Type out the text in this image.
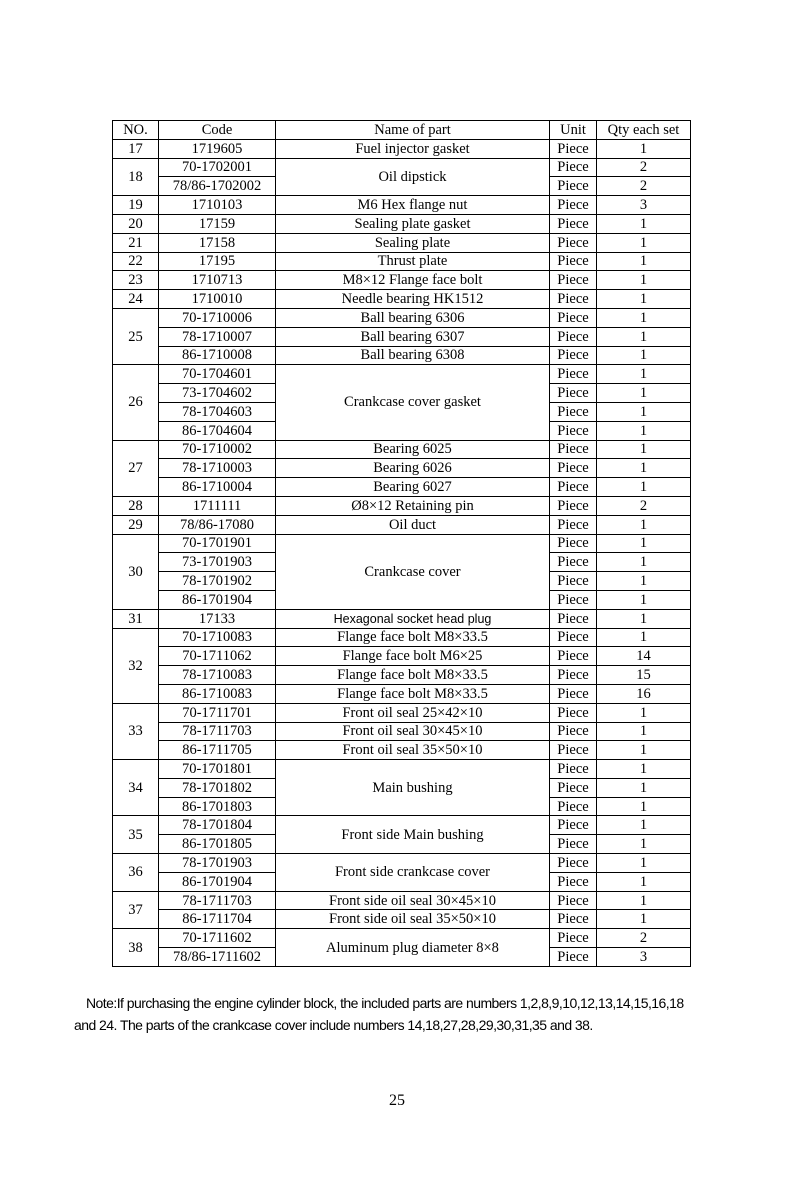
NO.	Code	Name of part	Unit	Qty each set
17	1719605	Fuel injector gasket	Piece	1
18	70-1702001	Oil dipstick	Piece	2
	78/86-1702002		Piece	2
19	1710103	M6 Hex flange nut	Piece	3
20	17159	Sealing plate gasket	Piece	1
21	17158	Sealing plate	Piece	1
22	17195	Thrust plate	Piece	1
23	1710713	M8×12 Flange face bolt	Piece	1
24	1710010	Needle bearing HK1512	Piece	1
25	70-1710006	Ball bearing 6306	Piece	1
	78-1710007	Ball bearing 6307	Piece	1
	86-1710008	Ball bearing 6308	Piece	1
26	70-1704601	Crankcase cover gasket	Piece	1
	73-1704602		Piece	1
	78-1704603		Piece	1
	86-1704604		Piece	1
27	70-1710002	Bearing 6025	Piece	1
	78-1710003	Bearing 6026	Piece	1
	86-1710004	Bearing 6027	Piece	1
28	1711111	Ø8×12 Retaining pin	Piece	2
29	78/86-17080	Oil duct	Piece	1
30	70-1701901	Crankcase cover	Piece	1
	73-1701903		Piece	1
	78-1701902		Piece	1
	86-1701904		Piece	1
31	17133	Hexagonal socket head plug	Piece	1
32	70-1710083	Flange face bolt M8×33.5	Piece	1
	70-1711062	Flange face bolt M6×25	Piece	14
	78-1710083	Flange face bolt M8×33.5	Piece	15
	86-1710083	Flange face bolt M8×33.5	Piece	16
33	70-1711701	Front oil seal 25×42×10	Piece	1
	78-1711703	Front oil seal 30×45×10	Piece	1
	86-1711705	Front oil seal 35×50×10	Piece	1
34	70-1701801	Main bushing	Piece	1
	78-1701802		Piece	1
	86-1701803		Piece	1
35	78-1701804	Front side Main bushing	Piece	1
	86-1701805		Piece	1
36	78-1701903	Front side crankcase cover	Piece	1
	86-1701904		Piece	1
37	78-1711703	Front side oil seal 30×45×10	Piece	1
	86-1711704	Front side oil seal 35×50×10	Piece	1
38	70-1711602	Aluminum plug diameter 8×8	Piece	2
	78/86-1711602		Piece	3

Note:If purchasing the engine cylinder block, the included parts are numbers 1,2,8,9,10,12,13,14,15,16,18

and 24. The parts of the crankcase cover include numbers 14,18,27,28,29,30,31,35 and 38.

25
